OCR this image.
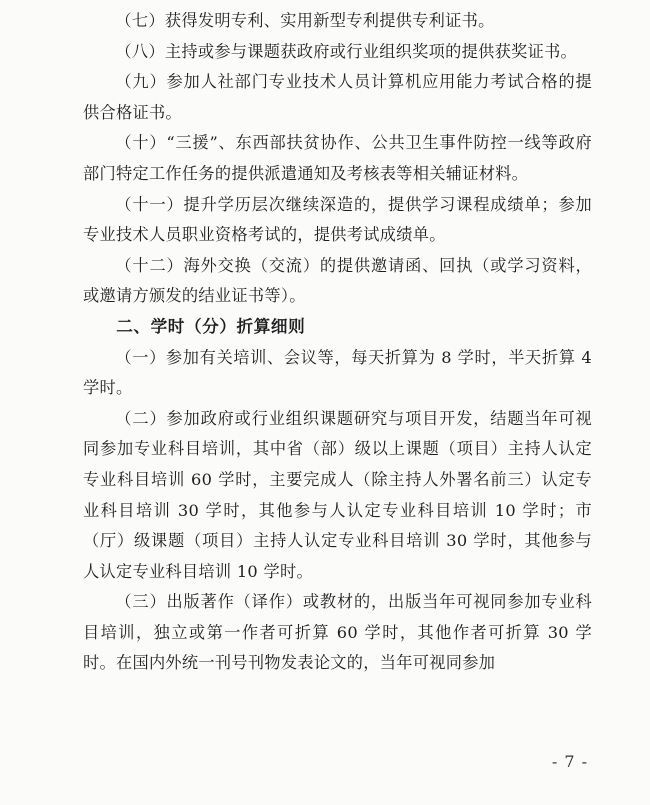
（七）获得发明专利、实用新型专利提供专利证书。

（八）主持或参与课题获政府或行业组织奖项的提供获奖证书。

（九）参加人社部门专业技术人员计算机应用能力考试合格的提供合格证书。

（十）“三援”、东西部扶贫协作、公共卫生事件防控一线等政府部门特定工作任务的提供派遣通知及考核表等相关辅证材料。

（十一）提升学历层次继续深造的，提供学习课程成绩单；参加专业技术人员职业资格考试的，提供考试成绩单。

（十二）海外交换（交流）的提供邀请函、回执（或学习资料，或邀请方颁发的结业证书等）。

二、学时（分）折算细则

（一）参加有关培训、会议等，每天折算为 8 学时，半天折算 4 学时。

（二）参加政府或行业组织课题研究与项目开发，结题当年可视同参加专业科目培训，其中省（部）级以上课题（项目）主持人认定专业科目培训 60 学时，主要完成人（除主持人外署名前三）认定专业科目培训 30 学时，其他参与人认定专业科目培训 10 学时；市（厅）级课题（项目）主持人认定专业科目培训 30 学时，其他参与人认定专业科目培训 10 学时。

（三）出版著作（译作）或教材的，出版当年可视同参加专业科目培训，独立或第一作者可折算 60 学时，其他作者可折算 30 学时。在国内外统一刊号刊物发表论文的，当年可视同参加

- 7 -
